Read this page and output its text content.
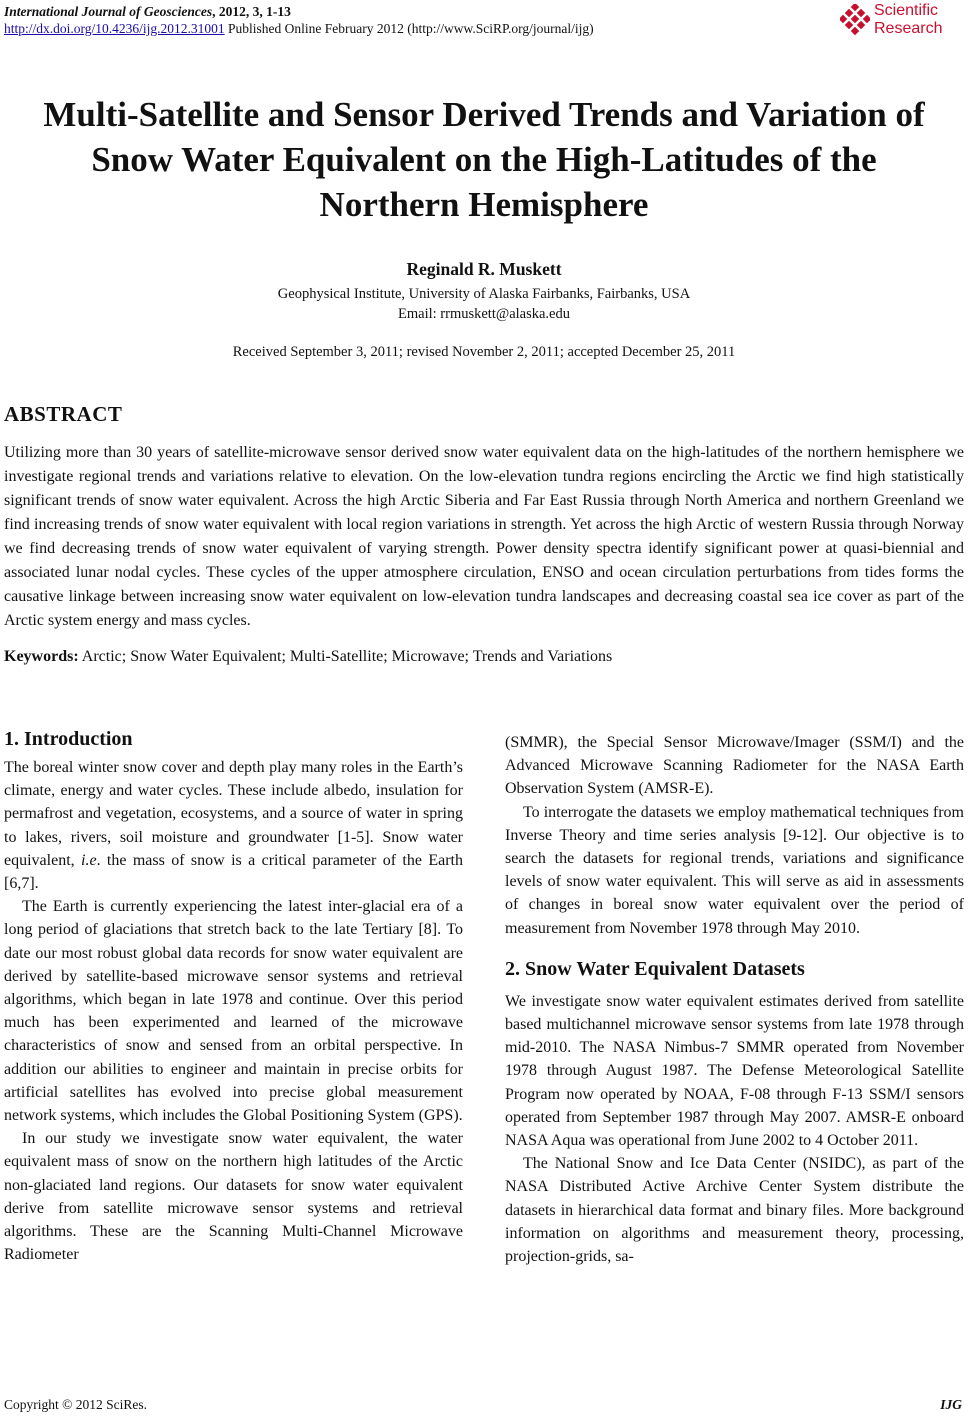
International Journal of Geosciences, 2012, 3, 1-13
http://dx.doi.org/10.4236/ijg.2012.31001 Published Online February 2012 (http://www.SciRP.org/journal/ijg)
Scientific
Research
Multi-Satellite and Sensor Derived Trends and Variation of
Snow Water Equivalent on the High-Latitudes of the
Northern Hemisphere
Reginald R. Muskett
Geophysical Institute, University of Alaska Fairbanks, Fairbanks, USA
Email: rrmuskett@alaska.edu
Received September 3, 2011; revised November 2, 2011; accepted December 25, 2011
ABSTRACT
Utilizing more than 30 years of satellite-microwave sensor derived snow water equivalent data on the high-latitudes of the northern hemisphere we investigate regional trends and variations relative to elevation. On the low-elevation tundra regions encircling the Arctic we find high statistically significant trends of snow water equivalent. Across the high Arctic Siberia and Far East Russia through North America and northern Greenland we find increasing trends of snow water equivalent with local region variations in strength. Yet across the high Arctic of western Russia through Norway we find decreasing trends of snow water equivalent of varying strength. Power density spectra identify significant power at quasi-biennial and associated lunar nodal cycles. These cycles of the upper atmosphere circulation, ENSO and ocean circulation perturbations from tides forms the causative linkage between increasing snow water equivalent on low-elevation tundra landscapes and decreasing coastal sea ice cover as part of the Arctic system energy and mass cycles.
Keywords: Arctic; Snow Water Equivalent; Multi-Satellite; Microwave; Trends and Variations
1. Introduction

The boreal winter snow cover and depth play many roles in the Earth’s climate, energy and water cycles. These include albedo, insulation for permafrost and vegetation, ecosystems, and a source of water in spring to lakes, rivers, soil moisture and groundwater [1-5]. Snow water equivalent, i.e. the mass of snow is a critical parameter of the Earth [6,7].

The Earth is currently experiencing the latest inter-glacial era of a long period of glaciations that stretch back to the late Tertiary [8]. To date our most robust global data records for snow water equivalent are derived by satellite-based microwave sensor systems and retrieval algorithms, which began in late 1978 and continue. Over this period much has been experimented and learned of the microwave characteristics of snow and sensed from an orbital perspective. In addition our abilities to engineer and maintain in precise orbits for artificial satellites has evolved into precise global measurement network systems, which includes the Global Positioning System (GPS).

In our study we investigate snow water equivalent, the water equivalent mass of snow on the northern high latitudes of the Arctic non-glaciated land regions. Our datasets for snow water equivalent derive from satellite microwave sensor systems and retrieval algorithms. These are the Scanning Multi-Channel Microwave Radiometer

(SMMR), the Special Sensor Microwave/Imager (SSM/I) and the Advanced Microwave Scanning Radiometer for the NASA Earth Observation System (AMSR-E).

To interrogate the datasets we employ mathematical techniques from Inverse Theory and time series analysis [9-12]. Our objective is to search the datasets for regional trends, variations and significance levels of snow water equivalent. This will serve as aid in assessments of changes in boreal snow water equivalent over the period of measurement from November 1978 through May 2010.

2. Snow Water Equivalent Datasets

We investigate snow water equivalent estimates derived from satellite based multichannel microwave sensor systems from late 1978 through mid-2010. The NASA Nimbus-7 SMMR operated from November 1978 through August 1987. The Defense Meteorological Satellite Program now operated by NOAA, F-08 through F-13 SSM/I sensors operated from September 1987 through May 2007. AMSR-E onboard NASA Aqua was operational from June 2002 to 4 October 2011.

The National Snow and Ice Data Center (NSIDC), as part of the NASA Distributed Active Archive Center System distribute the datasets in hierarchical data format and binary files. More background information on algorithms and measurement theory, processing, projection-grids, sa-

Copyright © 2012 SciRes.	IJG
